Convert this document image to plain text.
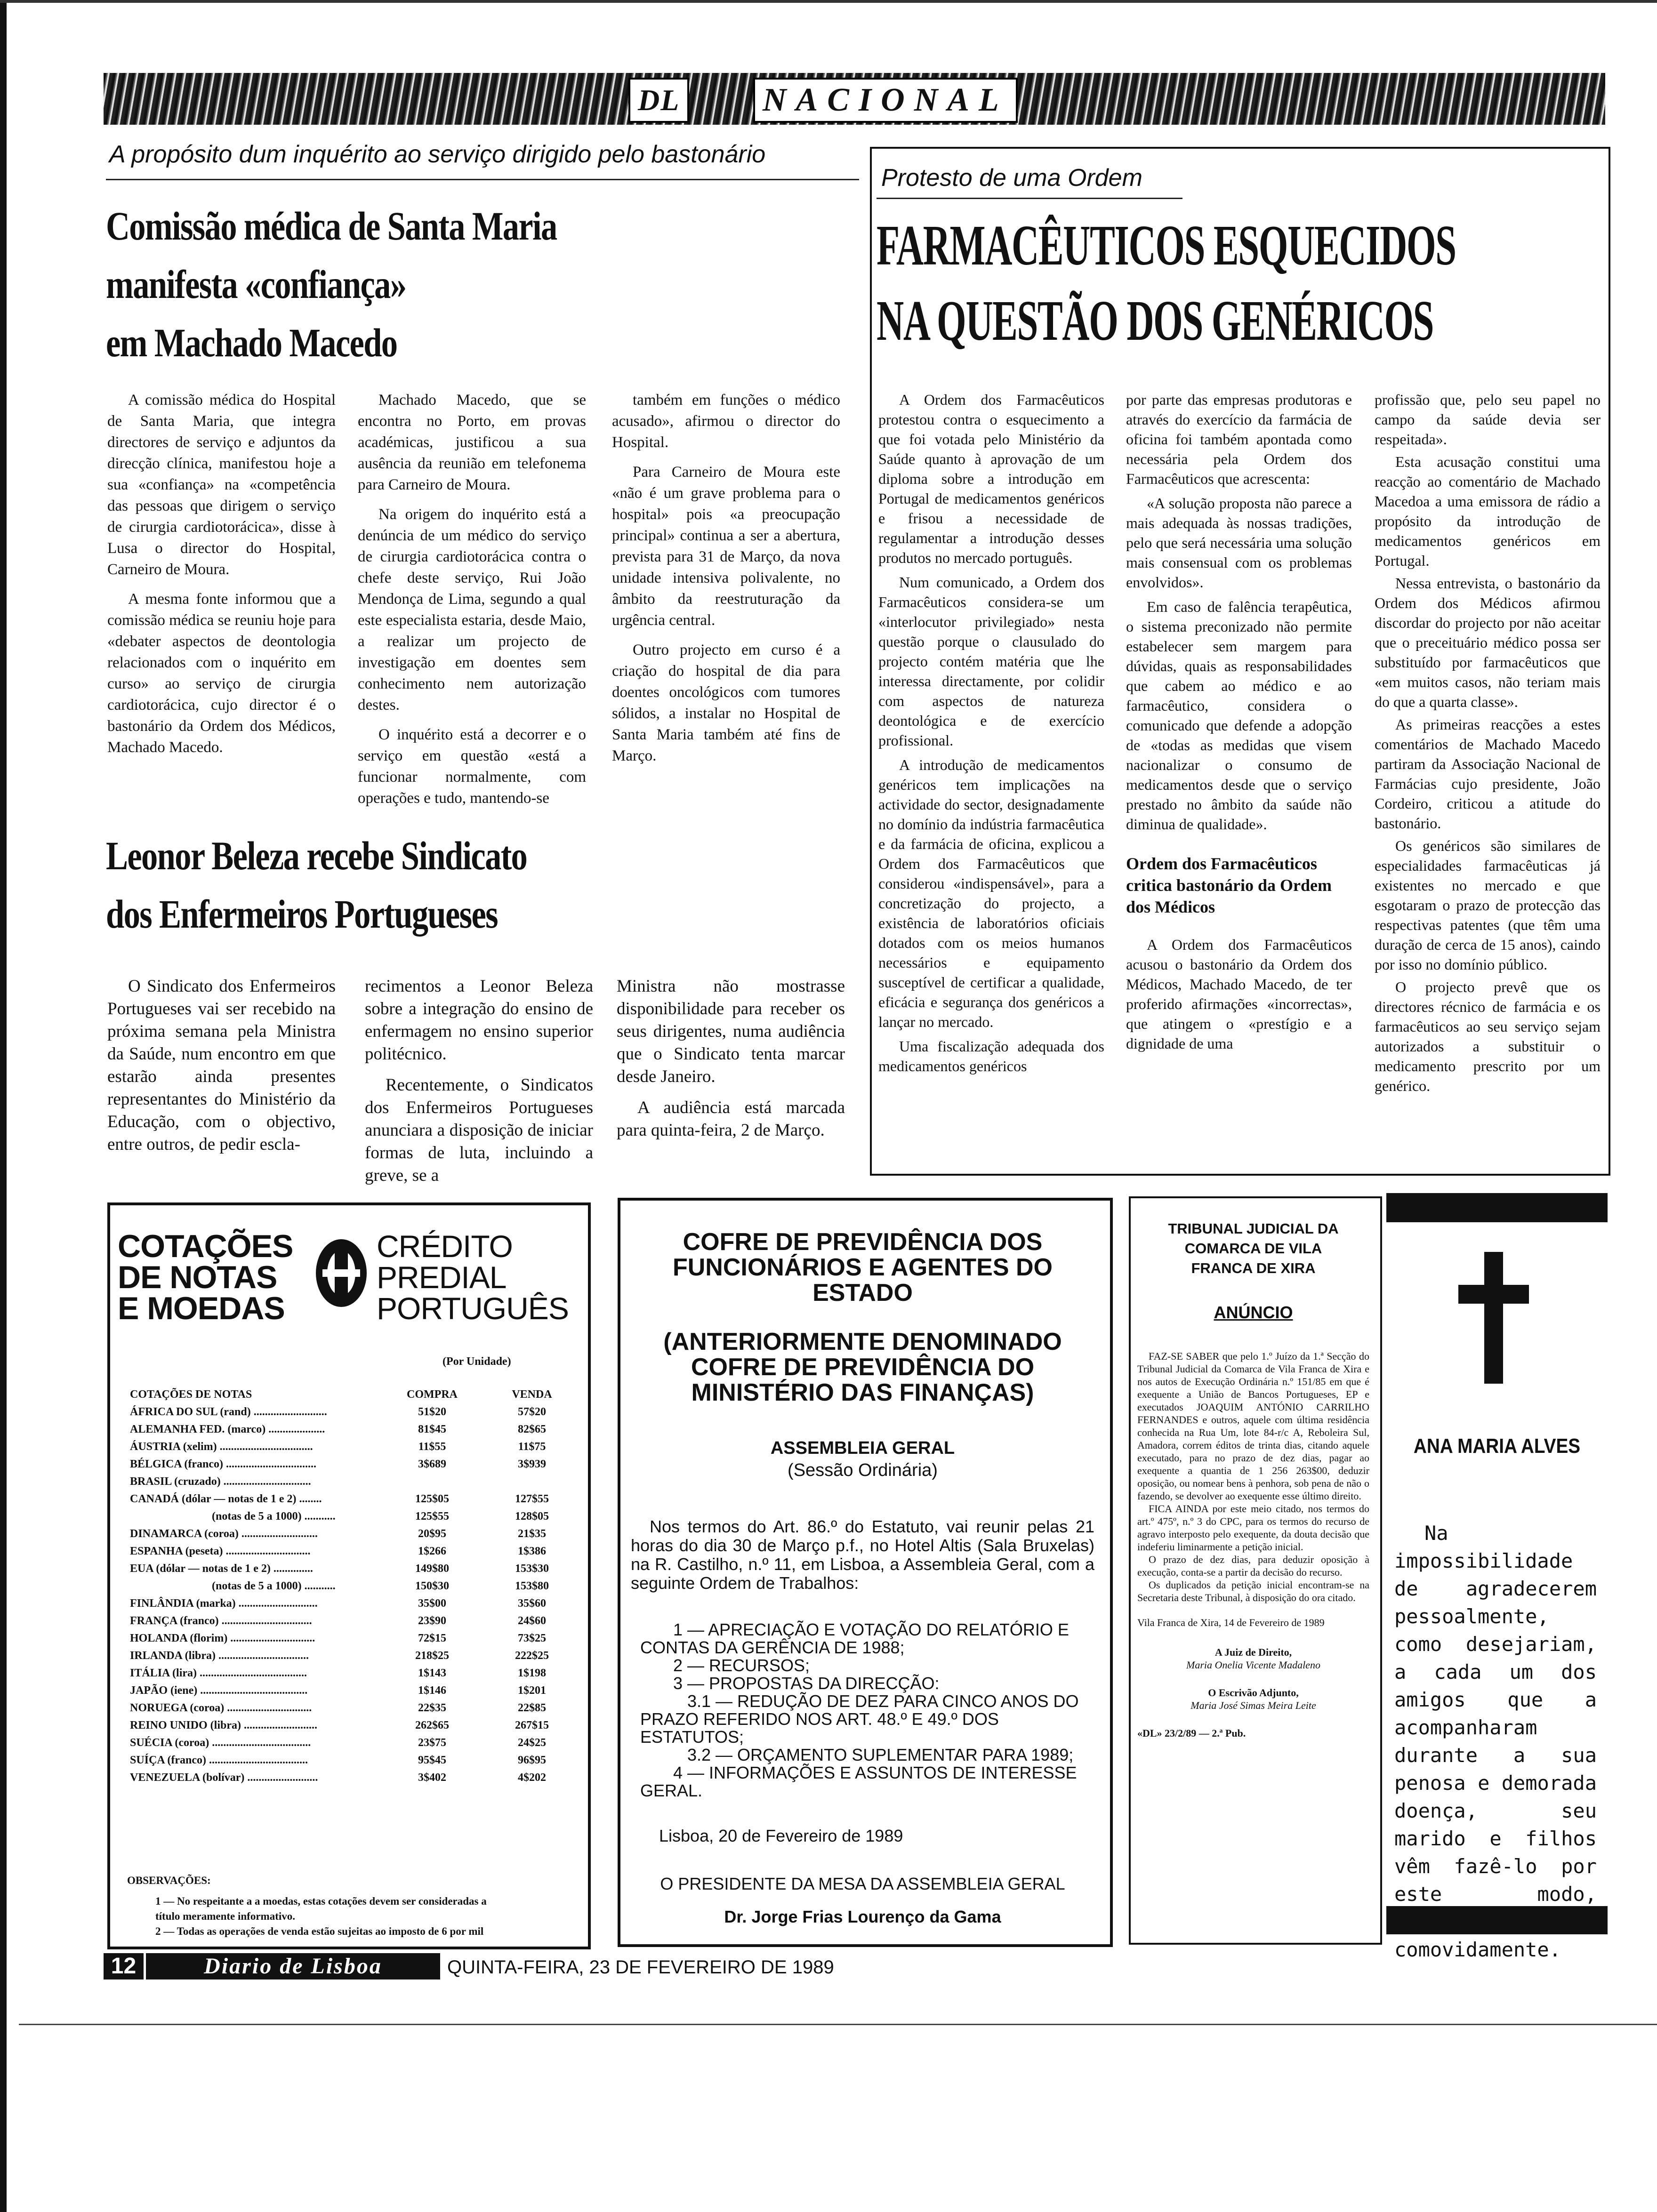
DL	NACIONAL
A propósito dum inquérito ao serviço dirigido pelo bastonário
Comissão médica de Santa Maria
manifesta «confiança»
em Machado Macedo

A comissão médica do Hospital de Santa Maria, que integra directores de serviço e adjuntos da direcção clínica, manifestou hoje a sua «confiança» na «competência das pessoas que dirigem o serviço de cirurgia cardiotorácica», disse à Lusa o director do Hospital, Carneiro de Moura.

A mesma fonte informou que a comissão médica se reuniu hoje para «debater aspectos de deontologia relacionados com o inquérito em curso» ao serviço de cirurgia cardiotorácica, cujo director é o bastonário da Ordem dos Médicos, Machado Macedo.

Machado Macedo, que se encontra no Porto, em provas académicas, justificou a sua ausência da reunião em telefonema para Carneiro de Moura.

Na origem do inquérito está a denúncia de um médico do serviço de cirurgia cardiotorácica contra o chefe deste serviço, Rui João Mendonça de Lima, segundo a qual este especialista estaria, desde Maio, a realizar um projecto de investigação em doentes sem conhecimento nem autorização destes.

O inquérito está a decorrer e o serviço em questão «está a funcionar normalmente, com operações e tudo, mantendo-se

também em funções o médico acusado», afirmou o director do Hospital.

Para Carneiro de Moura este «não é um grave problema para o hospital» pois «a preocupação principal» continua a ser a abertura, prevista para 31 de Março, da nova unidade intensiva polivalente, no âmbito da reestruturação da urgência central.

Outro projecto em curso é a criação do hospital de dia para doentes oncológicos com tumores sólidos, a instalar no Hospital de Santa Maria também até fins de Março.

Leonor Beleza recebe Sindicato
dos Enfermeiros Portugueses

O Sindicato dos Enfermeiros Portugueses vai ser recebido na próxima semana pela Ministra da Saúde, num encontro em que estarão ainda presentes representantes do Ministério da Educação, com o objectivo, entre outros, de pedir escla-

recimentos a Leonor Beleza sobre a integração do ensino de enfermagem no ensino superior politécnico.

Recentemente, o Sindicatos dos Enfermeiros Portugueses anunciara a disposição de iniciar formas de luta, incluindo a greve, se a

Ministra não mostrasse disponibilidade para receber os seus dirigentes, numa audiência que o Sindicato tenta marcar desde Janeiro.

A audiência está marcada para quinta-feira, 2 de Março.

Protesto de uma Ordem
FARMACÊUTICOS ESQUECIDOS
NA QUESTÃO DOS GENÉRICOS

A Ordem dos Farmacêuticos protestou contra o esquecimento a que foi votada pelo Ministério da Saúde quanto à aprovação de um diploma sobre a introdução em Portugal de medicamentos genéricos e frisou a necessidade de regulamentar a introdução desses produtos no mercado português.

Num comunicado, a Ordem dos Farmacêuticos considera-se um «interlocutor privilegiado» nesta questão porque o clausulado do projecto contém matéria que lhe interessa directamente, por colidir com aspectos de natureza deontológica e de exercício profissional.

A introdução de medicamentos genéricos tem implicações na actividade do sector, designadamente no domínio da indústria farmacêutica e da farmácia de oficina, explicou a Ordem dos Farmacêuticos que considerou «indispensável», para a concretização do projecto, a existência de laboratórios oficiais dotados com os meios humanos necessários e equipamento susceptível de certificar a qualidade, eficácia e segurança dos genéricos a lançar no mercado.

Uma fiscalização adequada dos medicamentos genéricos

por parte das empresas produtoras e através do exercício da farmácia de oficina foi também apontada como necessária pela Ordem dos Farmacêuticos que acrescenta:

«A solução proposta não parece a mais adequada às nossas tradições, pelo que será necessária uma solução mais consensual com os problemas envolvidos».

Em caso de falência terapêutica, o sistema preconizado não permite estabelecer sem margem para dúvidas, quais as responsabilidades que cabem ao médico e ao farmacêutico, considera o comunicado que defende a adopção de «todas as medidas que visem nacionalizar o consumo de medicamentos desde que o serviço prestado no âmbito da saúde não diminua de qualidade».

Ordem dos Farmacêuticos critica bastonário da Ordem dos Médicos

A Ordem dos Farmacêuticos acusou o bastonário da Ordem dos Médicos, Machado Macedo, de ter proferido afirmações «incorrectas», que atingem o «prestígio e a dignidade de uma

profissão que, pelo seu papel no campo da saúde devia ser respeitada».

Esta acusação constitui uma reacção ao comentário de Machado Macedoa a uma emissora de rádio a propósito da introdução de medicamentos genéricos em Portugal.

Nessa entrevista, o bastonário da Ordem dos Médicos afirmou discordar do projecto por não aceitar que o preceituário médico possa ser substituído por farmacêuticos que «em muitos casos, não teriam mais do que a quarta classe».

As primeiras reacções a estes comentários de Machado Macedo partiram da Associação Nacional de Farmácias cujo presidente, João Cordeiro, criticou a atitude do bastonário.

Os genéricos são similares de especialidades farmacêuticas já existentes no mercado e que esgotaram o prazo de protecção das respectivas patentes (que têm uma duração de cerca de 15 anos), caindo por isso no domínio público.

O projecto prevê que os directores récnico de farmácia e os farmacêuticos ao seu serviço sejam autorizados a substituir o medicamento prescrito por um genérico.

COTAÇÕES
DE NOTAS
E MOEDAS
CRÉDITO
PREDIAL
PORTUGUÊS
(Por Unidade)
COTAÇÕES DE NOTAS	COMPRA	VENDA
ÁFRICA DO SUL (rand) ..........................	51$20	57$20
ALEMANHA FED. (marco) ....................	81$45	82$65
ÁUSTRIA (xelim) .................................	11$55	11$75
BÉLGICA (franco) ................................	3$689	3$939
BRASIL (cruzado) ...............................		
CANADÁ (dólar — notas de 1 e 2) ........	125$05	127$55
(notas de 5 a 1000) ...........	125$55	128$05
DINAMARCA (coroa) ...........................	20$95	21$35
ESPANHA (peseta) ..............................	1$266	1$386
EUA (dólar — notas de 1 e 2) ..............	149$80	153$30
(notas de 5 a 1000) ...........	150$30	153$80
FINLÂNDIA (marka) ............................	35$00	35$60
FRANÇA (franco) ................................	23$90	24$60
HOLANDA (florim) ..............................	72$15	73$25
IRLANDA (libra) ................................	218$25	222$25
ITÁLIA (lira) ......................................	1$143	1$198
JAPÃO (iene) ......................................	1$146	1$201
NORUEGA (coroa) ..............................	22$35	22$85
REINO UNIDO (libra) ..........................	262$65	267$15
SUÉCIA (coroa) ...................................	23$75	24$25
SUÍÇA (franco) ...................................	95$45	96$95
VENEZUELA (bolívar) .........................	3$402	4$202
OBSERVAÇÕES:
1 — No respeitante a a moedas, estas cotações devem ser consideradas a título meramente informativo.
2 — Todas as operações de venda estão sujeitas ao imposto de 6 por mil
COFRE DE PREVIDÊNCIA DOS FUNCIONÁRIOS E AGENTES DO ESTADO
(ANTERIORMENTE DENOMINADO COFRE DE PREVIDÊNCIA DO MINISTÉRIO DAS FINANÇAS)
ASSEMBLEIA GERAL
(Sessão Ordinária)
Nos termos do Art. 86.º do Estatuto, vai reunir pelas 21 horas do dia 30 de Março p.f., no Hotel Altis (Sala Bruxelas) na R. Castilho, n.º 11, em Lisboa, a Assembleia Geral, com a seguinte Ordem de Trabalhos:
1 — APRECIAÇÃO E VOTAÇÃO DO RELATÓRIO E CONTAS DA GERÊNCIA DE 1988;
2 — RECURSOS;
3 — PROPOSTAS DA DIRECÇÃO:
3.1 — REDUÇÃO DE DEZ PARA CINCO ANOS DO PRAZO REFERIDO NOS ART. 48.º E 49.º DOS ESTATUTOS;
3.2 — ORÇAMENTO SUPLEMENTAR PARA 1989;
4 — INFORMAÇÕES E ASSUNTOS DE INTERESSE GERAL.
Lisboa, 20 de Fevereiro de 1989
O PRESIDENTE DA MESA DA ASSEMBLEIA GERAL
Dr. Jorge Frias Lourenço da Gama
TRIBUNAL JUDICIAL DA COMARCA DE VILA FRANCA DE XIRA
ANÚNCIO
FAZ-SE SABER que pelo 1.º Juízo da 1.ª Secção do Tribunal Judicial da Comarca de Vila Franca de Xira e nos autos de Execução Ordinária n.º 151/85 em que é exequente a União de Bancos Portugueses, EP e executados JOAQUIM ANTÓNIO CARRILHO FERNANDES e outros, aquele com última residência conhecida na Rua Um, lote 84-r/c A, Reboleira Sul, Amadora, correm éditos de trinta dias, citando aquele executado, para no prazo de dez dias, pagar ao exequente a quantia de 1 256 263$00, deduzir oposição, ou nomear bens à penhora, sob pena de não o fazendo, se devolver ao exequente esse último direito.
FICA AINDA por este meio citado, nos termos do art.º 475º, n.º 3 do CPC, para os termos do recurso de agravo interposto pelo exequente, da douta decisão que indeferiu liminarmente a petição inicial.
O prazo de dez dias, para deduzir oposição à execução, conta-se a partir da decisão do recurso.
Os duplicados da petição inicial encontram-se na Secretaria deste Tribunal, à disposição do ora citado.
Vila Franca de Xira, 14 de Fevereiro de 1989
A Juiz de Direito,
Maria Onelia Vicente Madaleno
O Escrivão Adjunto,
Maria José Simas Meira Leite
«DL» 23/2/89 — 2.ª Pub.
ANA MARIA ALVES
Na impossibilidade de agradecerem pessoalmente, como desejariam, a cada um dos amigos que a acompanharam durante a sua penosa e demorada doença, seu marido e filhos vêm fazê-lo por este modo, comovidamente.
12	Diario de Lisboa	QUINTA-FEIRA, 23 DE FEVEREIRO DE 1989
